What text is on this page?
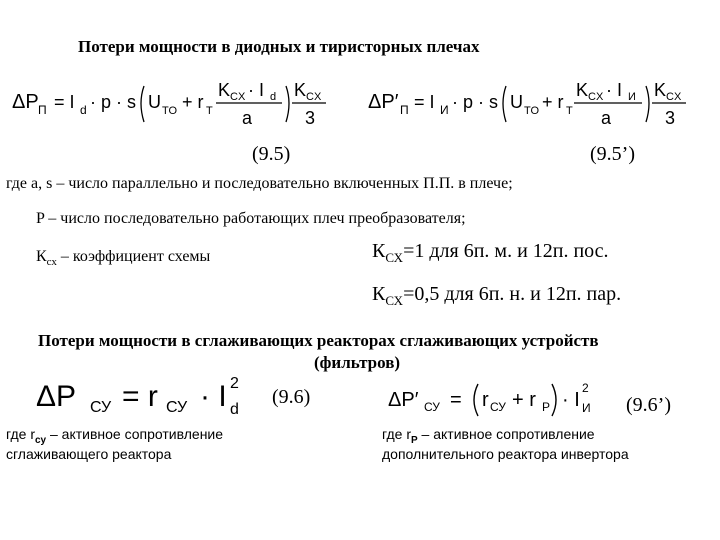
Потери мощности в диодных и тиристорных плечах
ΔP П = I d · p · s U TO + r T
K CX · I d
a
K CX
3
ΔP′ П = I И · p · s U TO + r T
K CX · I И
a
K CX
3
(9.5)	(9.5’)
где a, s – число параллельно и последовательно включенных П.П. в плече;
P – число последовательно работающих плеч преобразователя;
$К_{сх}$ – коэффициент схемы	$К_{СХ}=1$ для 6п. м. и 12п. пос.
$К_{СХ}=0,5$ для 6п. н. и 12п. пар.
Потери мощности в сглаживающих реакторах сглаживающих устройств
(фильтров)
ΔP СУ = r СУ · I 2
d
(9.6)	ΔP′ СУ = r СУ + r P · I
2
И (9.6’)
где $r_{су}$ – активное сопротивление
сглаживающего реактора
где $r_P$ – активное сопротивление
дополнительного реактора инвертора
